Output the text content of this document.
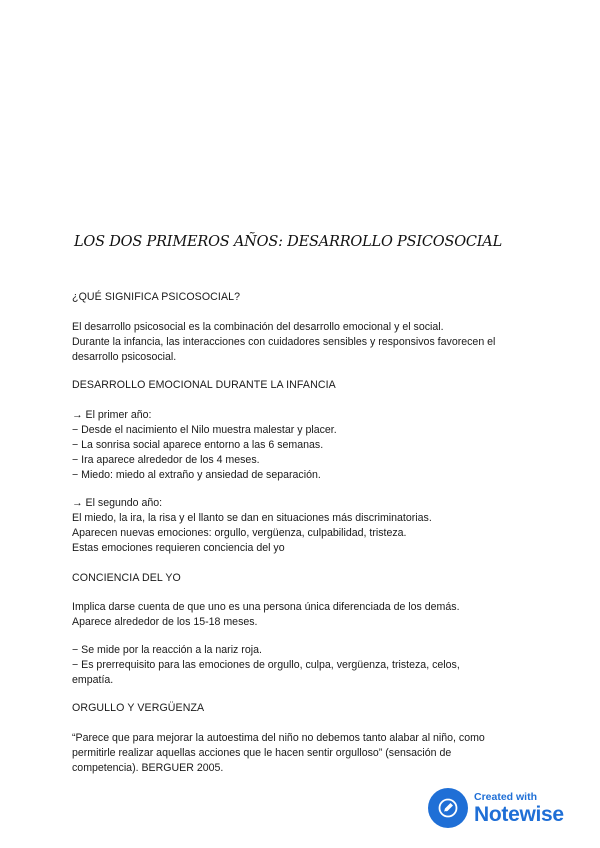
LOS DOS PRIMEROS AÑOS: DESARROLLO PSICOSOCIAL
¿QUÉ SIGNIFICA PSICOSOCIAL?
El desarrollo psicosocial es la combinación del desarrollo emocional y el social.
Durante la infancia, las interacciones con cuidadores sensibles y responsivos favorecen el
desarrollo psicosocial.
DESARROLLO EMOCIONAL DURANTE LA INFANCIA
→ El primer año:
− Desde el nacimiento el Nilo muestra malestar y placer.
− La sonrisa social aparece entorno a las 6 semanas.
− Ira aparece alrededor de los 4 meses.
− Miedo: miedo al extraño y ansiedad de separación.
→ El segundo año:
El miedo, la ira, la risa y el llanto se dan en situaciones más discriminatorias.
Aparecen nuevas emociones: orgullo, vergüenza, culpabilidad, tristeza.
Estas emociones requieren conciencia del yo
CONCIENCIA DEL YO
Implica darse cuenta de que uno es una persona única diferenciada de los demás.
Aparece alrededor de los 15-18 meses.
− Se mide por la reacción a la nariz roja.
− Es prerrequisito para las emociones de orgullo, culpa, vergüenza, tristeza, celos,
empatía.
ORGULLO Y VERGÜENZA
“Parece que para mejorar la autoestima del niño no debemos tanto alabar al niño, como
permitirle realizar aquellas acciones que le hacen sentir orgulloso” (sensación de
competencia). BERGUER 2005.
Created with
Notewise
